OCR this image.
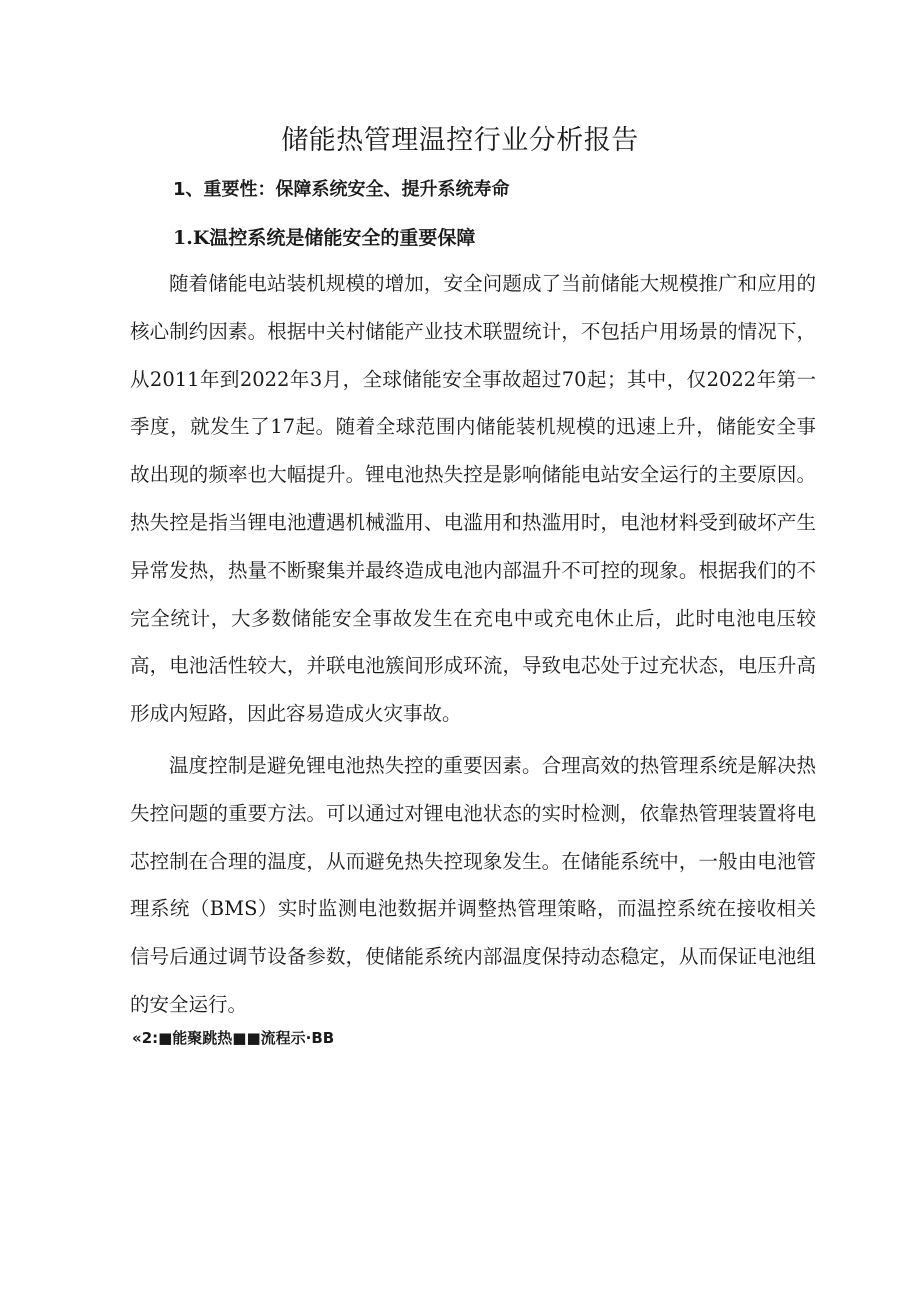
储能热管理温控行业分析报告
1、重要性：保障系统安全、提升系统寿命
1.K温控系统是储能安全的重要保障

随着储能电站装机规模的增加，安全问题成了当前储能大规模推广和应用的核心制约因素。根据中关村储能产业技术联盟统计，不包括户用场景的情况下，从2011年到2022年3月，全球储能安全事故超过70起；其中，仅2022年第一季度，就发生了17起。随着全球范围内储能装机规模的迅速上升，储能安全事故出现的频率也大幅提升。锂电池热失控是影响储能电站安全运行的主要原因。热失控是指当锂电池遭遇机械滥用、电滥用和热滥用时，电池材料受到破坏产生异常发热，热量不断聚集并最终造成电池内部温升不可控的现象。根据我们的不完全统计，大多数储能安全事故发生在充电中或充电休止后，此时电池电压较高，电池活性较大，并联电池簇间形成环流，导致电芯处于过充状态，电压升高形成内短路，因此容易造成火灾事故。

温度控制是避免锂电池热失控的重要因素。合理高效的热管理系统是解决热失控问题的重要方法。可以通过对锂电池状态的实时检测，依靠热管理装置将电芯控制在合理的温度，从而避免热失控现象发生。在储能系统中，一般由电池管理系统（BMS）实时监测电池数据并调整热管理策略，而温控系统在接收相关信号后通过调节设备参数，使储能系统内部温度保持动态稳定，从而保证电池组的安全运行。

«2:■能聚跳热■■流程示·BB
